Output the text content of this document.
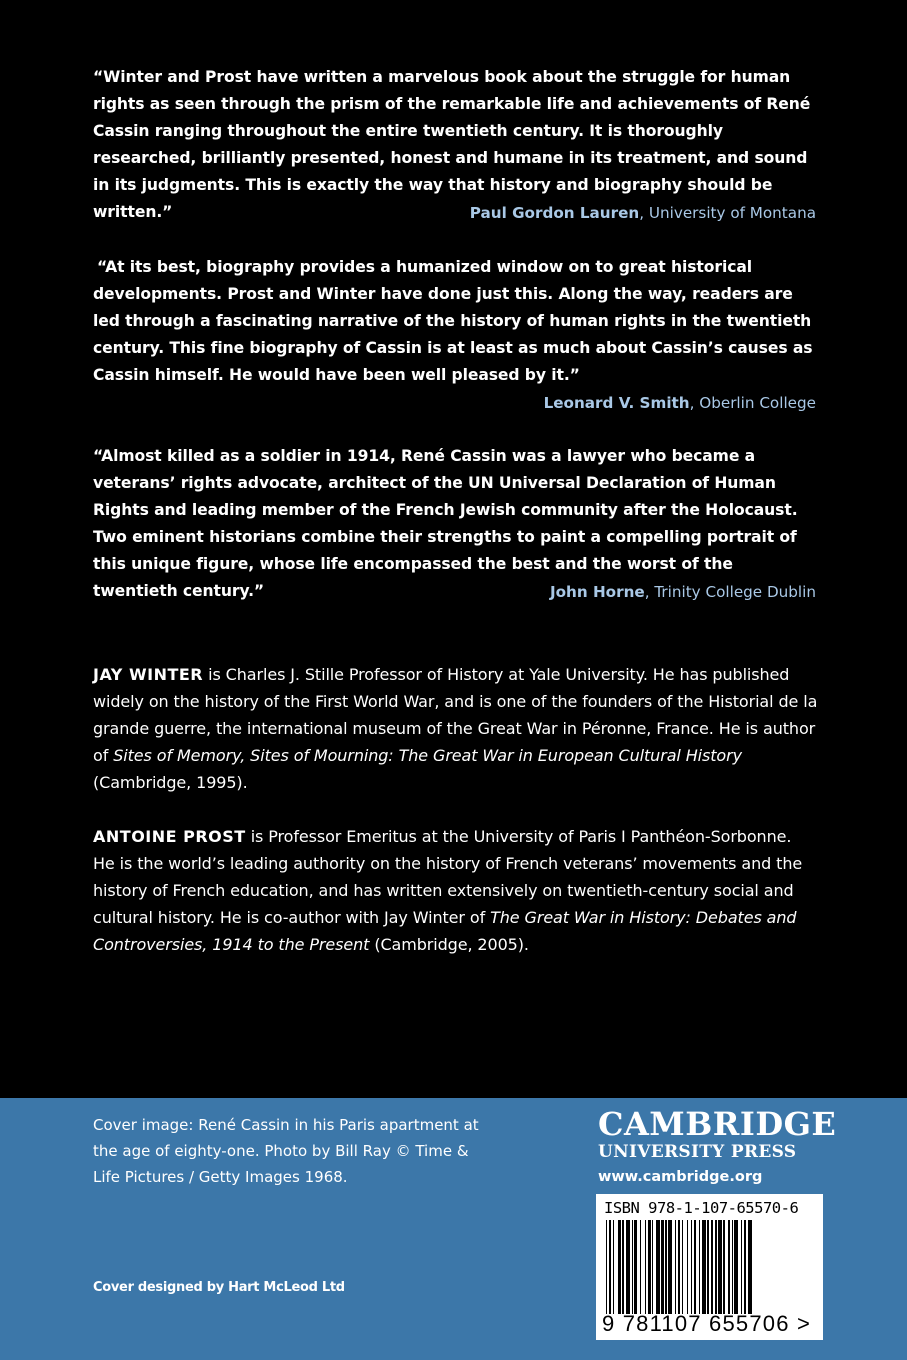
“Winter and Prost have written a marvelous book about the struggle for human rights as seen through the prism of the remarkable life and achievements of René Cassin ranging throughout the entire twentieth century. It is thoroughly researched, brilliantly presented, honest and humane in its treatment, and sound in its judgments. This is exactly the way that history and biography should be written.”	Paul Gordon Lauren, University of Montana

“At its best, biography provides a humanized window on to great historical developments. Prost and Winter have done just this. Along the way, readers are led through a fascinating narrative of the history of human rights in the twentieth century. This fine biography of Cassin is at least as much about Cassin’s causes as Cassin himself. He would have been well pleased by it.”

Leonard V. Smith, Oberlin College

“Almost killed as a soldier in 1914, René Cassin was a lawyer who became a veterans’ rights advocate, architect of the UN Universal Declaration of Human Rights and leading member of the French Jewish community after the Holocaust. Two eminent historians combine their strengths to paint a compelling portrait of this unique figure, whose life encompassed the best and the worst of the twentieth century.”	John Horne, Trinity College Dublin

JAY WINTER is Charles J. Stille Professor of History at Yale University. He has published widely on the history of the First World War, and is one of the founders of the Historial de la grande guerre, the international museum of the Great War in Péronne, France. He is author of Sites of Memory, Sites of Mourning: The Great War in European Cultural History (Cambridge, 1995).

ANTOINE PROST is Professor Emeritus at the University of Paris I Panthéon-Sorbonne. He is the world’s leading authority on the history of French veterans’ movements and the history of French education, and has written extensively on twentieth-century social and cultural history. He is co-author with Jay Winter of The Great War in History: Debates and Controversies, 1914 to the Present (Cambridge, 2005).

Cover image: René Cassin in his Paris apartment at the age of eighty-one. Photo by Bill Ray © Time & Life Pictures / Getty Images 1968.

Cover designed by Hart McLeod Ltd
CAMBRIDGE
UNIVERSITY PRESS
www.cambridge.org
ISBN 978-1-107-65570-6
9 781107 655706 >
